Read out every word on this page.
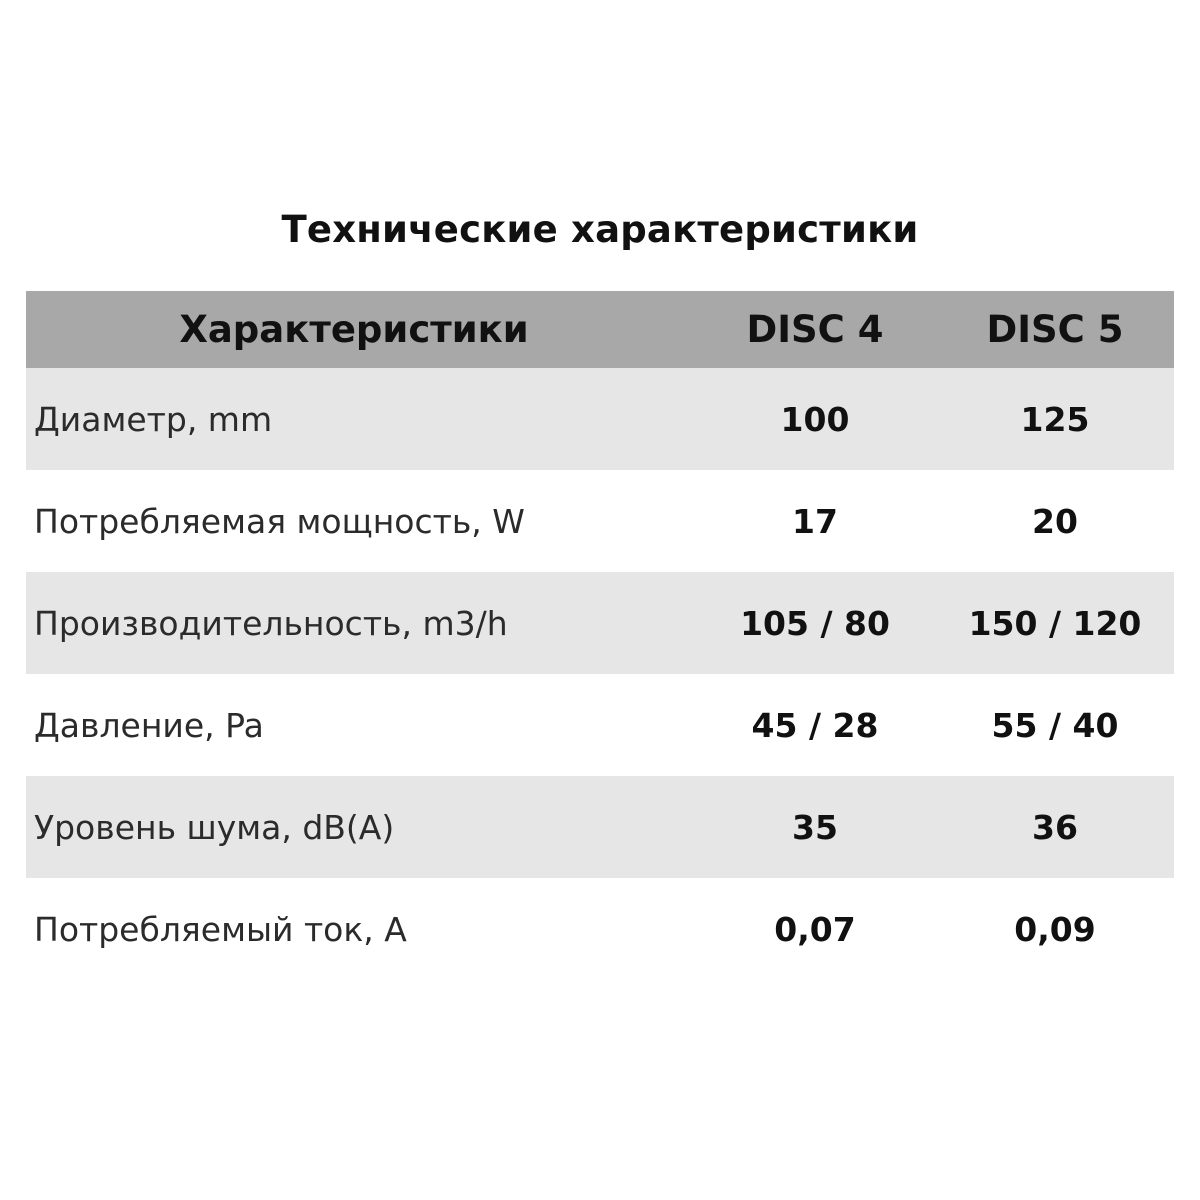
Технические характеристики
Характеристики	DISC 4	DISC 5
Диаметр, mm	100	125
Потребляемая мощность, W	17	20
Производительность, m3/h	105 / 80	150 / 120
Давление, Pa	45 / 28	55 / 40
Уровень шума, dB(A)	35	36
Потребляемый ток, A	0,07	0,09
